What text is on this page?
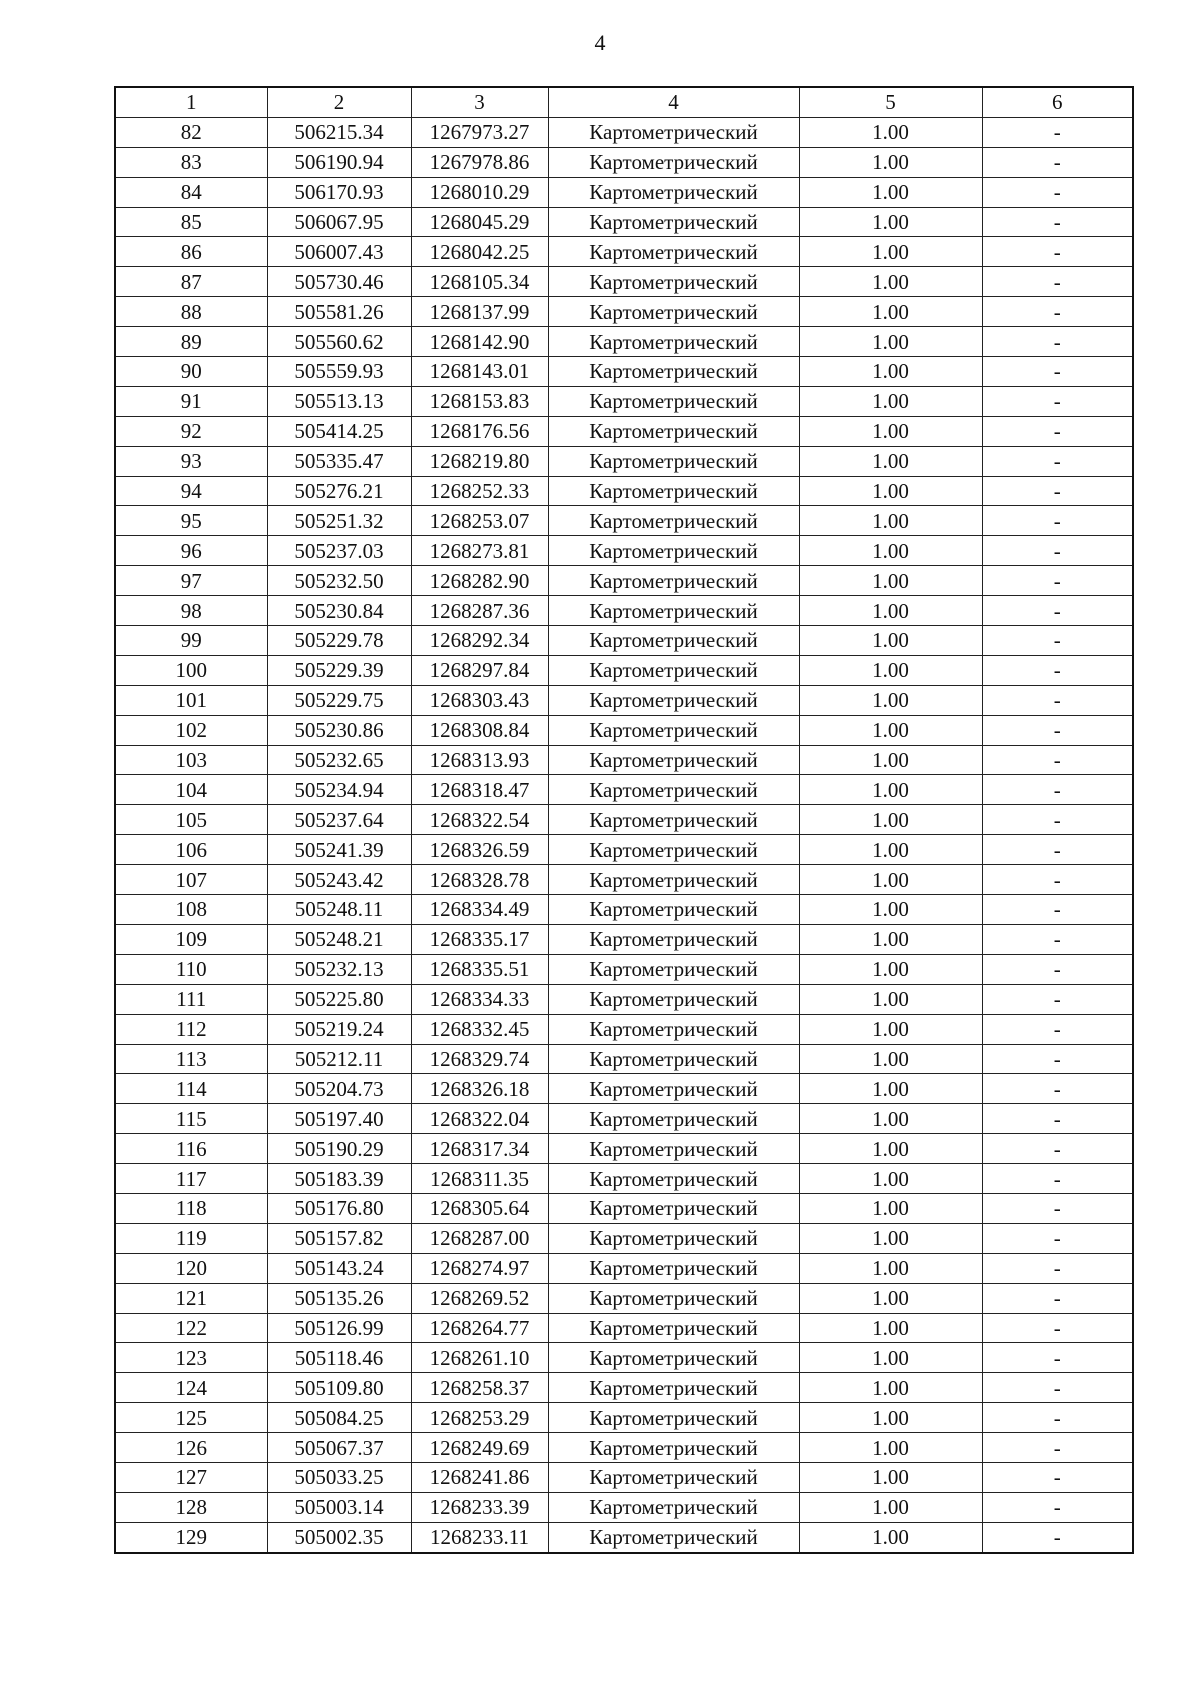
4
1	2	3	4	5	6
82	506215.34	1267973.27	Картометрический	1.00	-
83	506190.94	1267978.86	Картометрический	1.00	-
84	506170.93	1268010.29	Картометрический	1.00	-
85	506067.95	1268045.29	Картометрический	1.00	-
86	506007.43	1268042.25	Картометрический	1.00	-
87	505730.46	1268105.34	Картометрический	1.00	-
88	505581.26	1268137.99	Картометрический	1.00	-
89	505560.62	1268142.90	Картометрический	1.00	-
90	505559.93	1268143.01	Картометрический	1.00	-
91	505513.13	1268153.83	Картометрический	1.00	-
92	505414.25	1268176.56	Картометрический	1.00	-
93	505335.47	1268219.80	Картометрический	1.00	-
94	505276.21	1268252.33	Картометрический	1.00	-
95	505251.32	1268253.07	Картометрический	1.00	-
96	505237.03	1268273.81	Картометрический	1.00	-
97	505232.50	1268282.90	Картометрический	1.00	-
98	505230.84	1268287.36	Картометрический	1.00	-
99	505229.78	1268292.34	Картометрический	1.00	-
100	505229.39	1268297.84	Картометрический	1.00	-
101	505229.75	1268303.43	Картометрический	1.00	-
102	505230.86	1268308.84	Картометрический	1.00	-
103	505232.65	1268313.93	Картометрический	1.00	-
104	505234.94	1268318.47	Картометрический	1.00	-
105	505237.64	1268322.54	Картометрический	1.00	-
106	505241.39	1268326.59	Картометрический	1.00	-
107	505243.42	1268328.78	Картометрический	1.00	-
108	505248.11	1268334.49	Картометрический	1.00	-
109	505248.21	1268335.17	Картометрический	1.00	-
110	505232.13	1268335.51	Картометрический	1.00	-
111	505225.80	1268334.33	Картометрический	1.00	-
112	505219.24	1268332.45	Картометрический	1.00	-
113	505212.11	1268329.74	Картометрический	1.00	-
114	505204.73	1268326.18	Картометрический	1.00	-
115	505197.40	1268322.04	Картометрический	1.00	-
116	505190.29	1268317.34	Картометрический	1.00	-
117	505183.39	1268311.35	Картометрический	1.00	-
118	505176.80	1268305.64	Картометрический	1.00	-
119	505157.82	1268287.00	Картометрический	1.00	-
120	505143.24	1268274.97	Картометрический	1.00	-
121	505135.26	1268269.52	Картометрический	1.00	-
122	505126.99	1268264.77	Картометрический	1.00	-
123	505118.46	1268261.10	Картометрический	1.00	-
124	505109.80	1268258.37	Картометрический	1.00	-
125	505084.25	1268253.29	Картометрический	1.00	-
126	505067.37	1268249.69	Картометрический	1.00	-
127	505033.25	1268241.86	Картометрический	1.00	-
128	505003.14	1268233.39	Картометрический	1.00	-
129	505002.35	1268233.11	Картометрический	1.00	-
